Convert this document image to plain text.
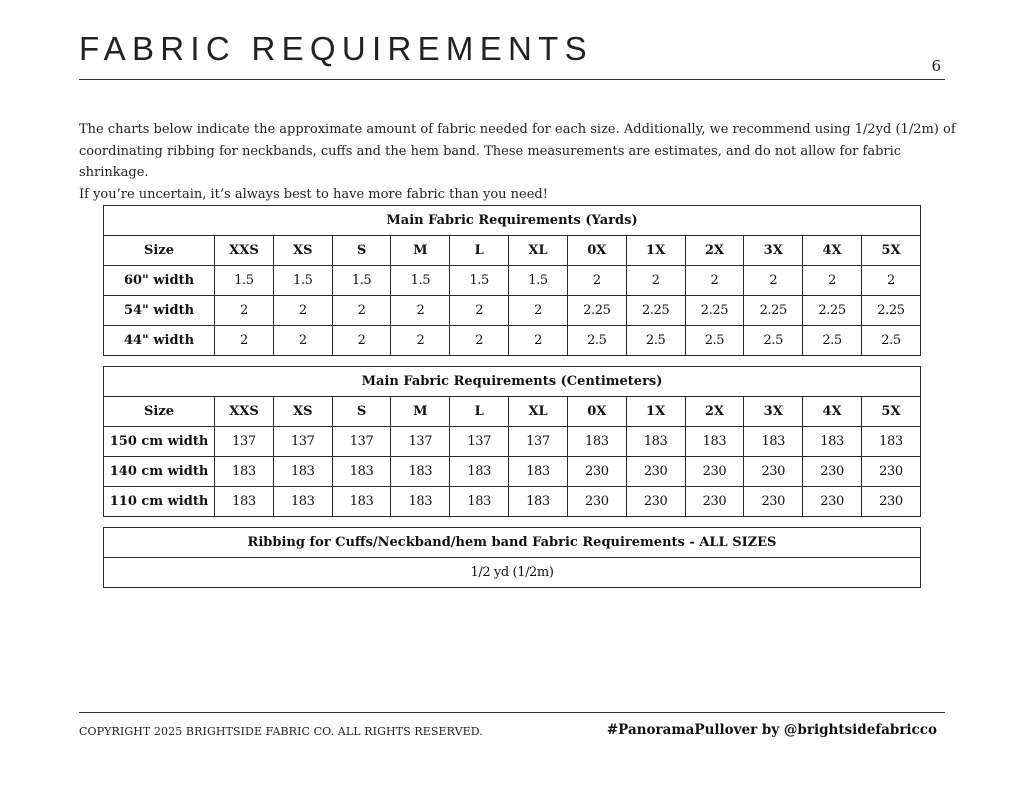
FABRIC REQUIREMENTS	6
The charts below indicate the approximate amount of fabric needed for each size. Additionally, we recommend using 1/2yd (1/2m) of
coordinating ribbing for neckbands, cuffs and the hem band. These measurements are estimates, and do not allow for fabric shrinkage.
If you’re uncertain, it’s always best to have more fabric than you need!
Main Fabric Requirements (Yards)												
Size	XXS	XS	S	M	L	XL	0X	1X	2X	3X	4X	5X
60" width	1.5	1.5	1.5	1.5	1.5	1.5	2	2	2	2	2	2
54" width	2	2	2	2	2	2	2.25	2.25	2.25	2.25	2.25	2.25
44" width	2	2	2	2	2	2	2.5	2.5	2.5	2.5	2.5	2.5
Main Fabric Requirements (Centimeters)												
Size	XXS	XS	S	M	L	XL	0X	1X	2X	3X	4X	5X
150 cm width	137	137	137	137	137	137	183	183	183	183	183	183
140 cm width	183	183	183	183	183	183	230	230	230	230	230	230
110 cm width	183	183	183	183	183	183	230	230	230	230	230	230
Ribbing for Cuffs/Neckband/hem band Fabric Requirements - ALL SIZES
1/2 yd (1/2m)
COPYRIGHT 2025 BRIGHTSIDE FABRIC CO. ALL RIGHTS RESERVED.	#PanoramaPullover by @brightsidefabricco
